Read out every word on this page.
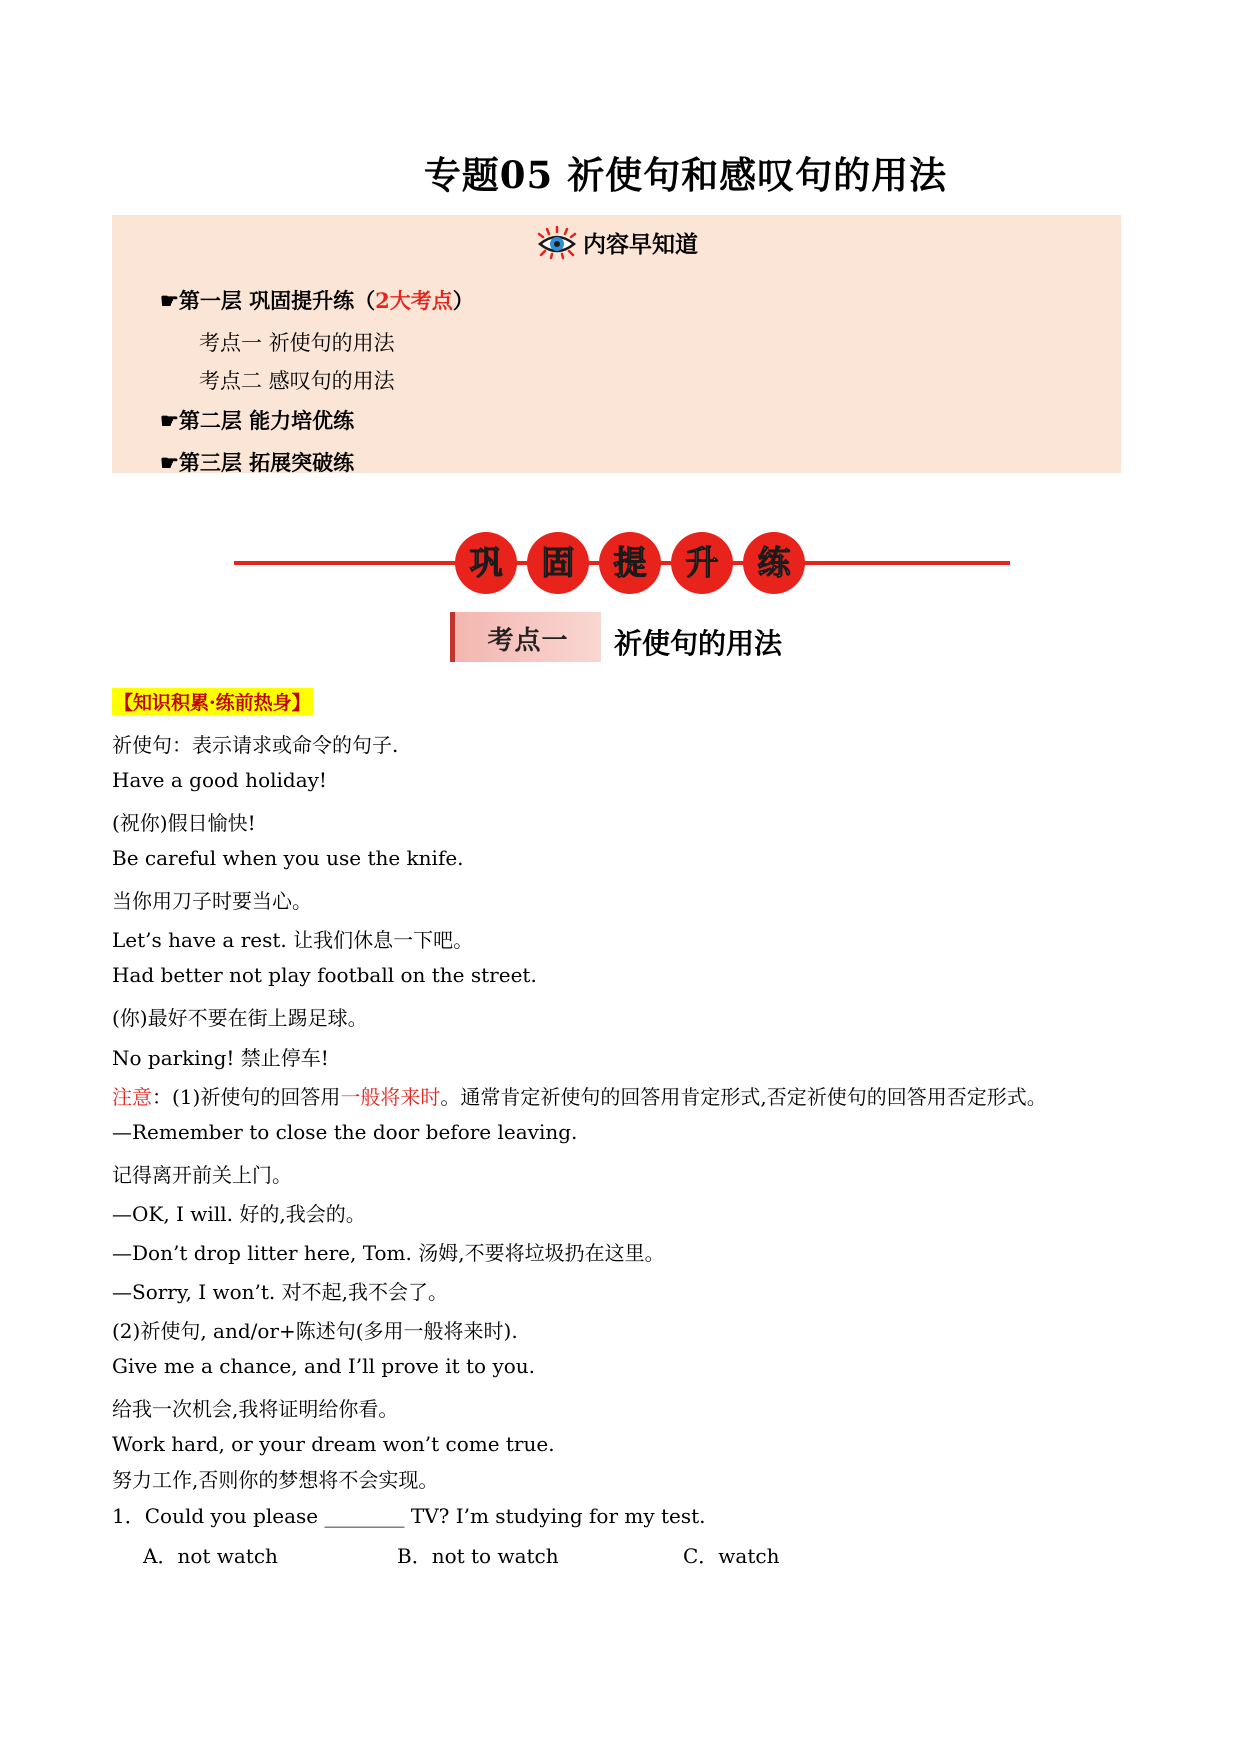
专题05 祈使句和感叹句的用法
内容早知道
☛第一层 巩固提升练（2大考点）
考点一 祈使句的用法
考点二 感叹句的用法
☛第二层 能力培优练
☛第三层 拓展突破练
巩 固 提 升 练
考点一	祈使句的用法
【知识积累·练前热身】
祈使句：表示请求或命令的句子.
Have a good holiday!
(祝你)假日愉快!
Be careful when you use the knife.
当你用刀子时要当心。
Let’s have a rest. 让我们休息一下吧。
Had better not play football on the street.
(你)最好不要在街上踢足球。
No parking! 禁止停车!
注意：(1)祈使句的回答用一般将来时。通常肯定祈使句的回答用肯定形式,否定祈使句的回答用否定形式。
—Remember to close the door before leaving.
记得离开前关上门。
—OK, I will. 好的,我会的。
—Don’t drop litter here, Tom. 汤姆,不要将垃圾扔在这里。
—Sorry, I won’t. 对不起,我不会了。
(2)祈使句, and/or+陈述句(多用一般将来时).
Give me a chance, and I’ll prove it to you.
给我一次机会,我将证明给你看。
Work hard, or your dream won’t come true.
努力工作,否则你的梦想将不会实现。
1．Could you please ________ TV? I’m studying for my test.
A．not watch	B．not to watch	C．watch
